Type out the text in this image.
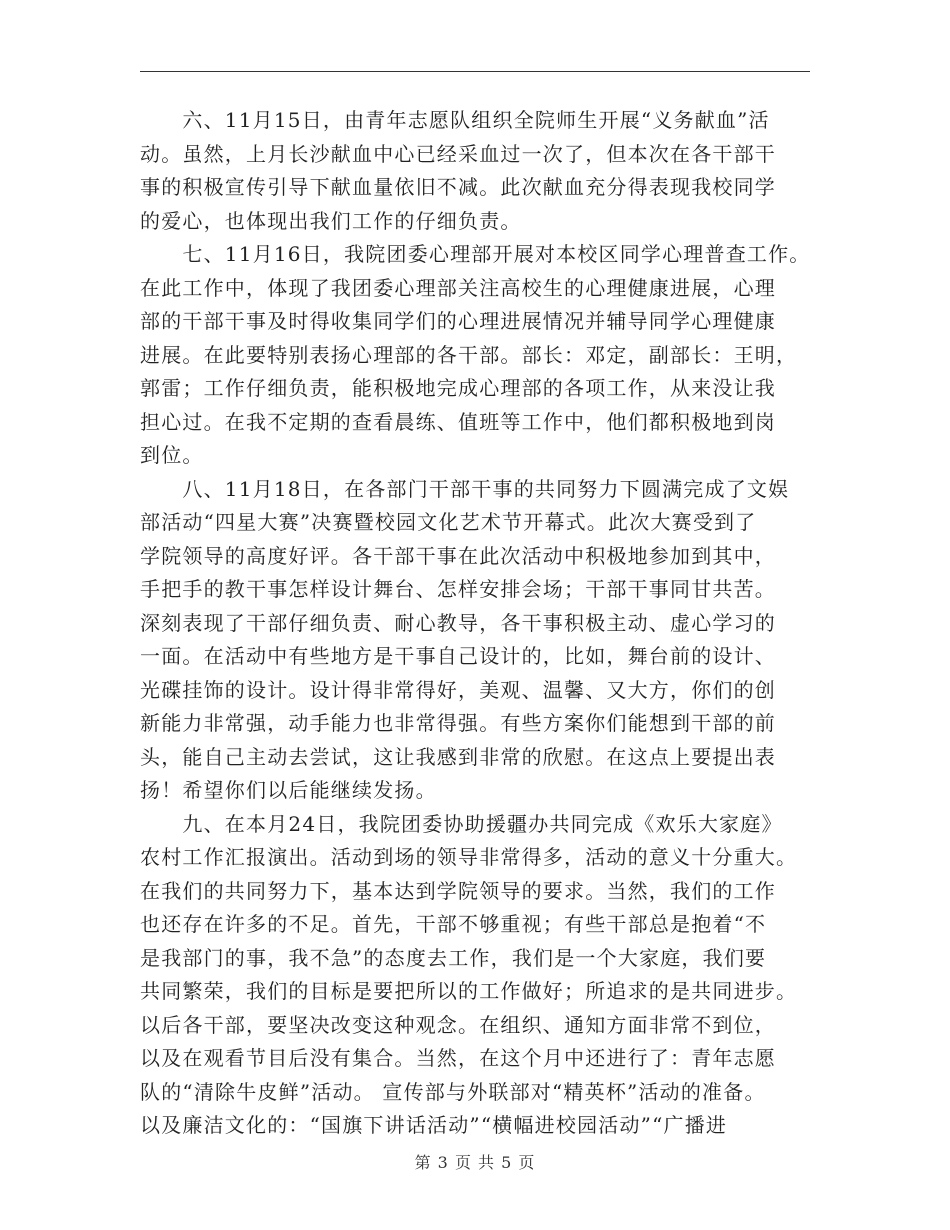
　　六、11月15日，由青年志愿队组织全院师生开展“义务献血”活
动。虽然，上月长沙献血中心已经采血过一次了，但本次在各干部干
事的积极宣传引导下献血量依旧不减。此次献血充分得表现我校同学
的爱心，也体现出我们工作的仔细负责。
　　七、11月16日，我院团委心理部开展对本校区同学心理普查工作。
在此工作中，体现了我团委心理部关注高校生的心理健康进展，心理
部的干部干事及时得收集同学们的心理进展情况并辅导同学心理健康
进展。在此要特别表扬心理部的各干部。部长：邓定，副部长：王明，
郭雷；工作仔细负责，能积极地完成心理部的各项工作，从来没让我
担心过。在我不定期的查看晨练、值班等工作中，他们都积极地到岗
到位。
　　八、11月18日，在各部门干部干事的共同努力下圆满完成了文娱
部活动“四星大赛”决赛暨校园文化艺术节开幕式。此次大赛受到了
学院领导的高度好评。各干部干事在此次活动中积极地参加到其中，
手把手的教干事怎样设计舞台、怎样安排会场；干部干事同甘共苦。
深刻表现了干部仔细负责、耐心教导，各干事积极主动、虚心学习的
一面。在活动中有些地方是干事自己设计的，比如，舞台前的设计、
光碟挂饰的设计。设计得非常得好，美观、温馨、又大方，你们的创
新能力非常强，动手能力也非常得强。有些方案你们能想到干部的前
头，能自己主动去尝试，这让我感到非常的欣慰。在这点上要提出表
扬！希望你们以后能继续发扬。
　　九、在本月24日，我院团委协助援疆办共同完成《欢乐大家庭》
农村工作汇报演出。活动到场的领导非常得多，活动的意义十分重大。
在我们的共同努力下，基本达到学院领导的要求。当然，我们的工作
也还存在许多的不足。首先，干部不够重视；有些干部总是抱着“不
是我部门的事，我不急”的态度去工作，我们是一个大家庭，我们要
共同繁荣，我们的目标是要把所以的工作做好；所追求的是共同进步。
以后各干部，要坚决改变这种观念。在组织、通知方面非常不到位，
以及在观看节目后没有集合。当然，在这个月中还进行了：青年志愿
队的“清除牛皮鲜”活动。 宣传部与外联部对“精英杯”活动的准备。
以及廉洁文化的：“国旗下讲话活动”“横幅进校园活动”“广播进
第 3 页 共 5 页
